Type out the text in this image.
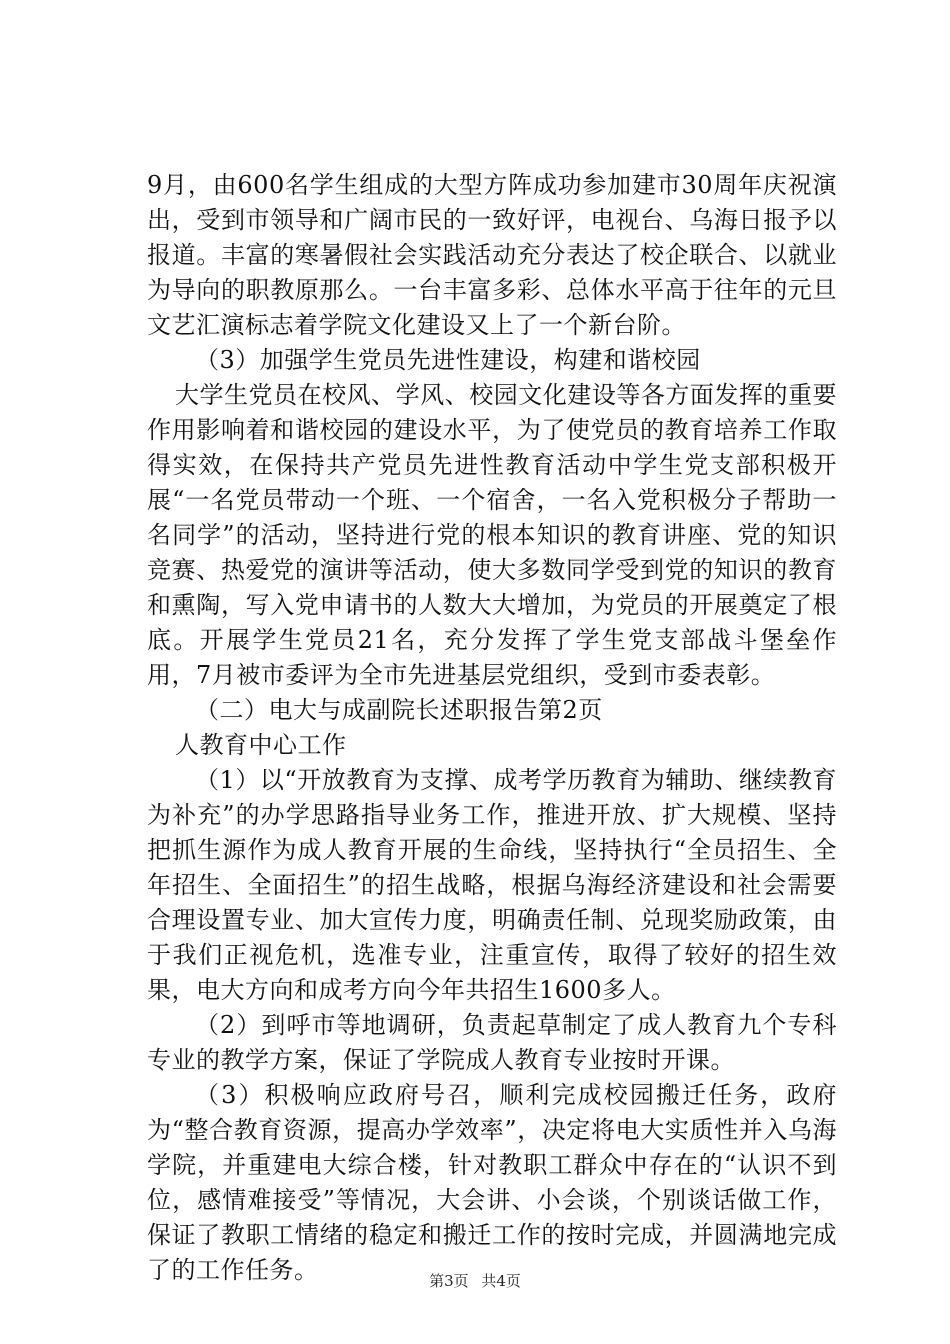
9月，由600名学生组成的大型方阵成功参加建市30周年庆祝演出，受到市领导和广阔市民的一致好评，电视台、乌海日报予以报道。丰富的寒暑假社会实践活动充分表达了校企联合、以就业为导向的职教原那么。一台丰富多彩、总体水平高于往年的元旦文艺汇演标志着学院文化建设又上了一个新台阶。

（3）加强学生党员先进性建设，构建和谐校园

大学生党员在校风、学风、校园文化建设等各方面发挥的重要作用影响着和谐校园的建设水平，为了使党员的教育培养工作取得实效，在保持共产党员先进性教育活动中学生党支部积极开展“一名党员带动一个班、一个宿舍，一名入党积极分子帮助一名同学”的活动，坚持进行党的根本知识的教育讲座、党的知识竞赛、热爱党的演讲等活动，使大多数同学受到党的知识的教育和熏陶，写入党申请书的人数大大增加，为党员的开展奠定了根底。开展学生党员21名，充分发挥了学生党支部战斗堡垒作用，7月被市委评为全市先进基层党组织，受到市委表彰。

（二）电大与成副院长述职报告第2页

人教育中心工作

（1）以“开放教育为支撑、成考学历教育为辅助、继续教育为补充”的办学思路指导业务工作，推进开放、扩大规模、坚持把抓生源作为成人教育开展的生命线，坚持执行“全员招生、全年招生、全面招生”的招生战略，根据乌海经济建设和社会需要合理设置专业、加大宣传力度，明确责任制、兑现奖励政策，由于我们正视危机，选准专业，注重宣传，取得了较好的招生效果，电大方向和成考方向今年共招生1600多人。

（2）到呼市等地调研，负责起草制定了成人教育九个专科专业的教学方案，保证了学院成人教育专业按时开课。

（3）积极响应政府号召，顺利完成校园搬迁任务，政府为“整合教育资源，提高办学效率”，决定将电大实质性并入乌海学院，并重建电大综合楼，针对教职工群众中存在的“认识不到位，感情难接受”等情况，大会讲、小会谈，个别谈话做工作，保证了教职工情绪的稳定和搬迁工作的按时完成，并圆满地完成了的工作任务。	第3页 共4页
